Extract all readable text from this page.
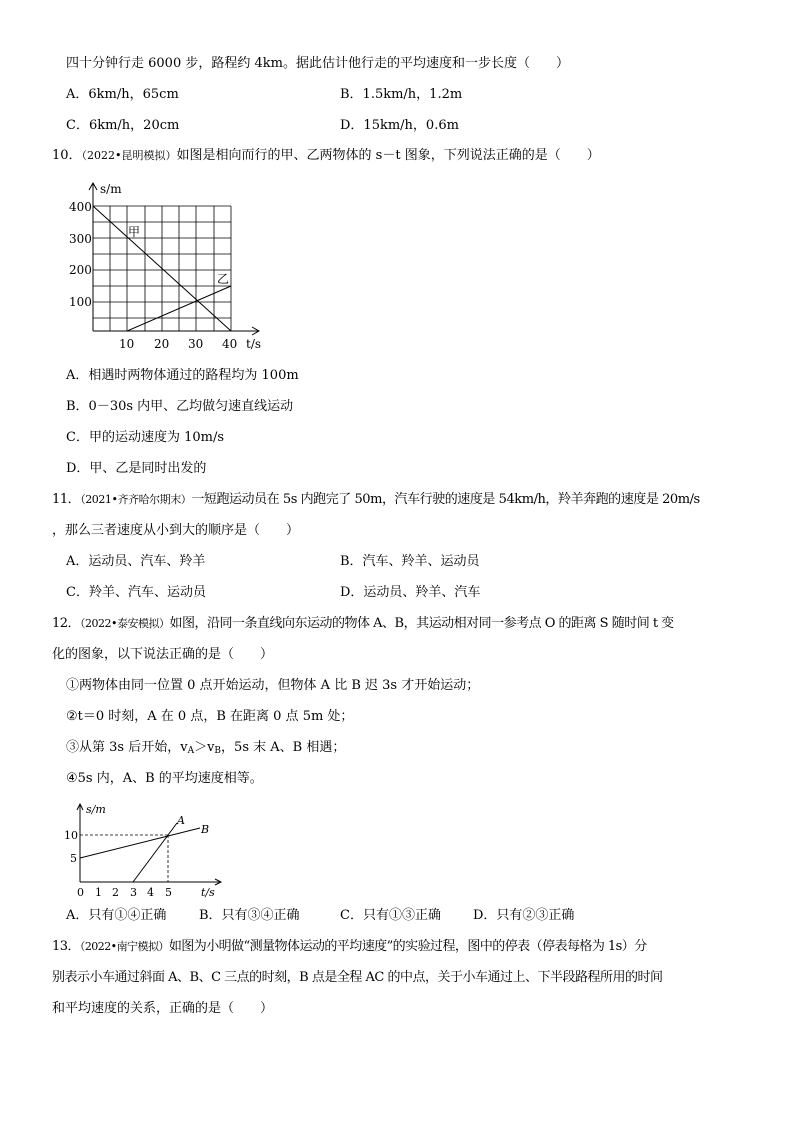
四十分钟行走 6000 步，路程约 4km。据此估计他行走的平均速度和一步长度（　　）
A．6km/h，65cm	B．1.5km/h，1.2m
C．6km/h，20cm	D．15km/h，0.6m
10．（2022•昆明模拟）如图是相向而行的甲、乙两物体的 s－t 图象，下列说法正确的是（　　）
s/m
400
300
200
100
10 20 30 40 t/s
甲
乙
A．相遇时两物体通过的路程均为 100m
B．0－30s 内甲、乙均做匀速直线运动
C．甲的运动速度为 10m/s
D．甲、乙是同时出发的
11．（2021•齐齐哈尔期末）一短跑运动员在 5s 内跑完了 50m，汽车行驶的速度是 54km/h，羚羊奔跑的速度是 20m/s
，那么三者速度从小到大的顺序是（　　）
A．运动员、汽车、羚羊	B．汽车、羚羊、运动员
C．羚羊、汽车、运动员	D．运动员、羚羊、汽车
12．（2022•泰安模拟）如图，沿同一条直线向东运动的物体 A、B，其运动相对同一参考点 O 的距离 S 随时间 t 变
化的图象，以下说法正确的是（　　）
①两物体由同一位置 0 点开始运动，但物体 A 比 B 迟 3s 才开始运动；
②t＝0 时刻，A 在 0 点，B 在距离 0 点 5m 处；
③从第 3s 后开始，$v_A>v_B$，5s 末 A、B 相遇；
④5s 内，A、B 的平均速度相等。
s/m
10
5
0 1 2 3 4 5	t/s
A
B
A．只有①④正确	B．只有③④正确	C．只有①③正确 D．只有②③正确
13．（2022•南宁模拟）如图为小明做“测量物体运动的平均速度”的实验过程，图中的停表（停表每格为 1s）分
别表示小车通过斜面 A、B、C 三点的时刻，B 点是全程 AC 的中点，关于小车通过上、下半段路程所用的时间
和平均速度的关系，正确的是（　　）
